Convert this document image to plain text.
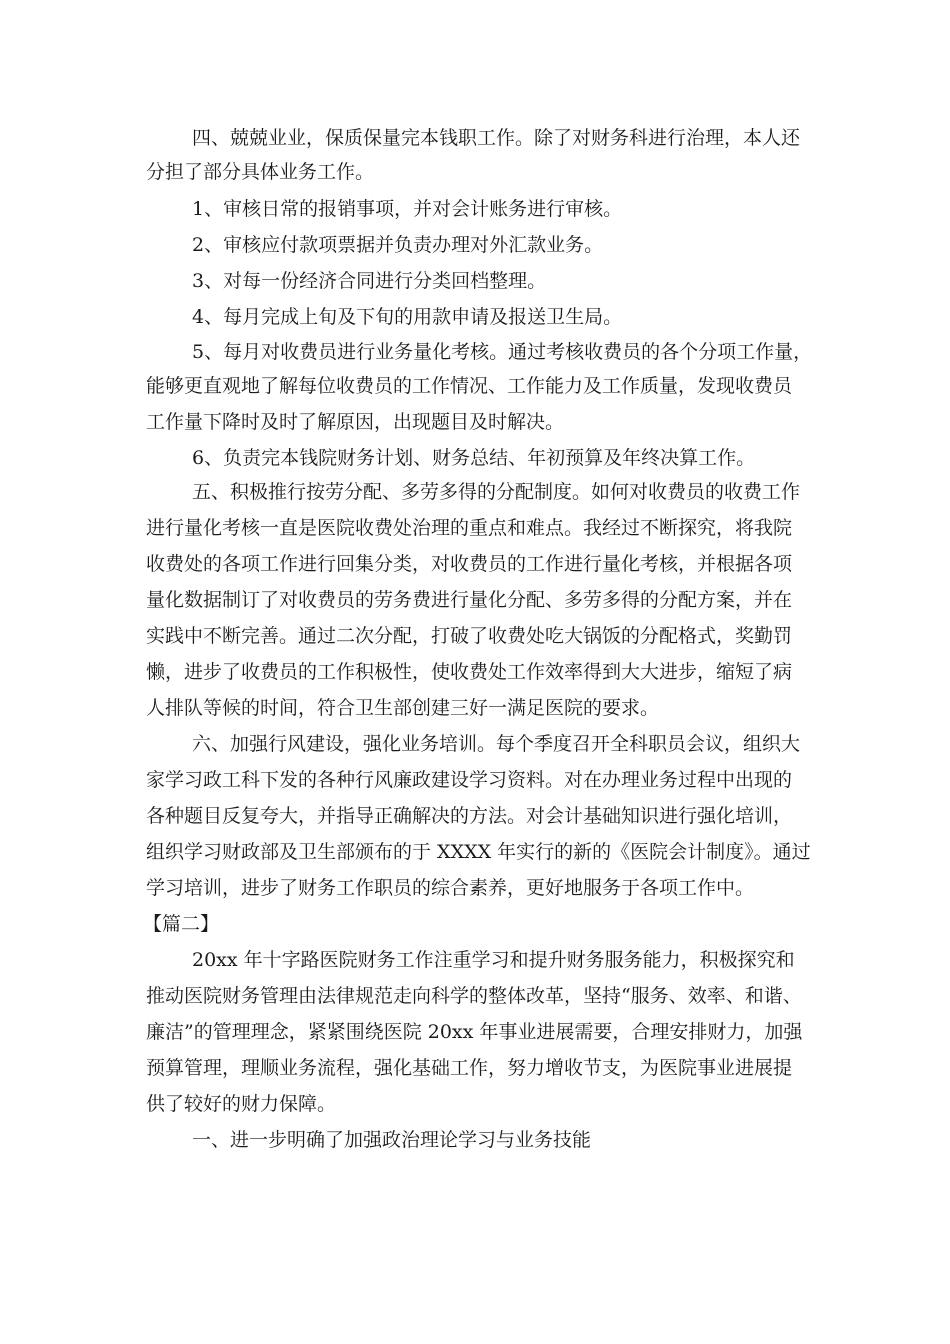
四、兢兢业业，保质保量完本钱职工作。除了对财务科进行治理，本人还

分担了部分具体业务工作。

1、审核日常的报销事项，并对会计账务进行审核。

2、审核应付款项票据并负责办理对外汇款业务。

3、对每一份经济合同进行分类回档整理。

4、每月完成上旬及下旬的用款申请及报送卫生局。

5、每月对收费员进行业务量化考核。通过考核收费员的各个分项工作量，

能够更直观地了解每位收费员的工作情况、工作能力及工作质量，发现收费员

工作量下降时及时了解原因，出现题目及时解决。

6、负责完本钱院财务计划、财务总结、年初预算及年终决算工作。

五、积极推行按劳分配、多劳多得的分配制度。如何对收费员的收费工作

进行量化考核一直是医院收费处治理的重点和难点。我经过不断探究，将我院

收费处的各项工作进行回集分类，对收费员的工作进行量化考核，并根据各项

量化数据制订了对收费员的劳务费进行量化分配、多劳多得的分配方案，并在

实践中不断完善。通过二次分配，打破了收费处吃大锅饭的分配格式，奖勤罚

懒，进步了收费员的工作积极性，使收费处工作效率得到大大进步，缩短了病

人排队等候的时间，符合卫生部创建三好一满足医院的要求。

六、加强行风建设，强化业务培训。每个季度召开全科职员会议，组织大

家学习政工科下发的各种行风廉政建设学习资料。对在办理业务过程中出现的

各种题目反复夸大，并指导正确解决的方法。对会计基础知识进行强化培训，

组织学习财政部及卫生部颁布的于 XXXX 年实行的新的《医院会计制度》。通过

学习培训，进步了财务工作职员的综合素养，更好地服务于各项工作中。

【篇二】

20xx 年十字路医院财务工作注重学习和提升财务服务能力，积极探究和

推动医院财务管理由法律规范走向科学的整体改革，坚持“服务、效率、和谐、

廉洁”的管理理念，紧紧围绕医院 20xx 年事业进展需要，合理安排财力，加强

预算管理，理顺业务流程，强化基础工作，努力增收节支，为医院事业进展提

供了较好的财力保障。

一、进一步明确了加强政治理论学习与业务技能
